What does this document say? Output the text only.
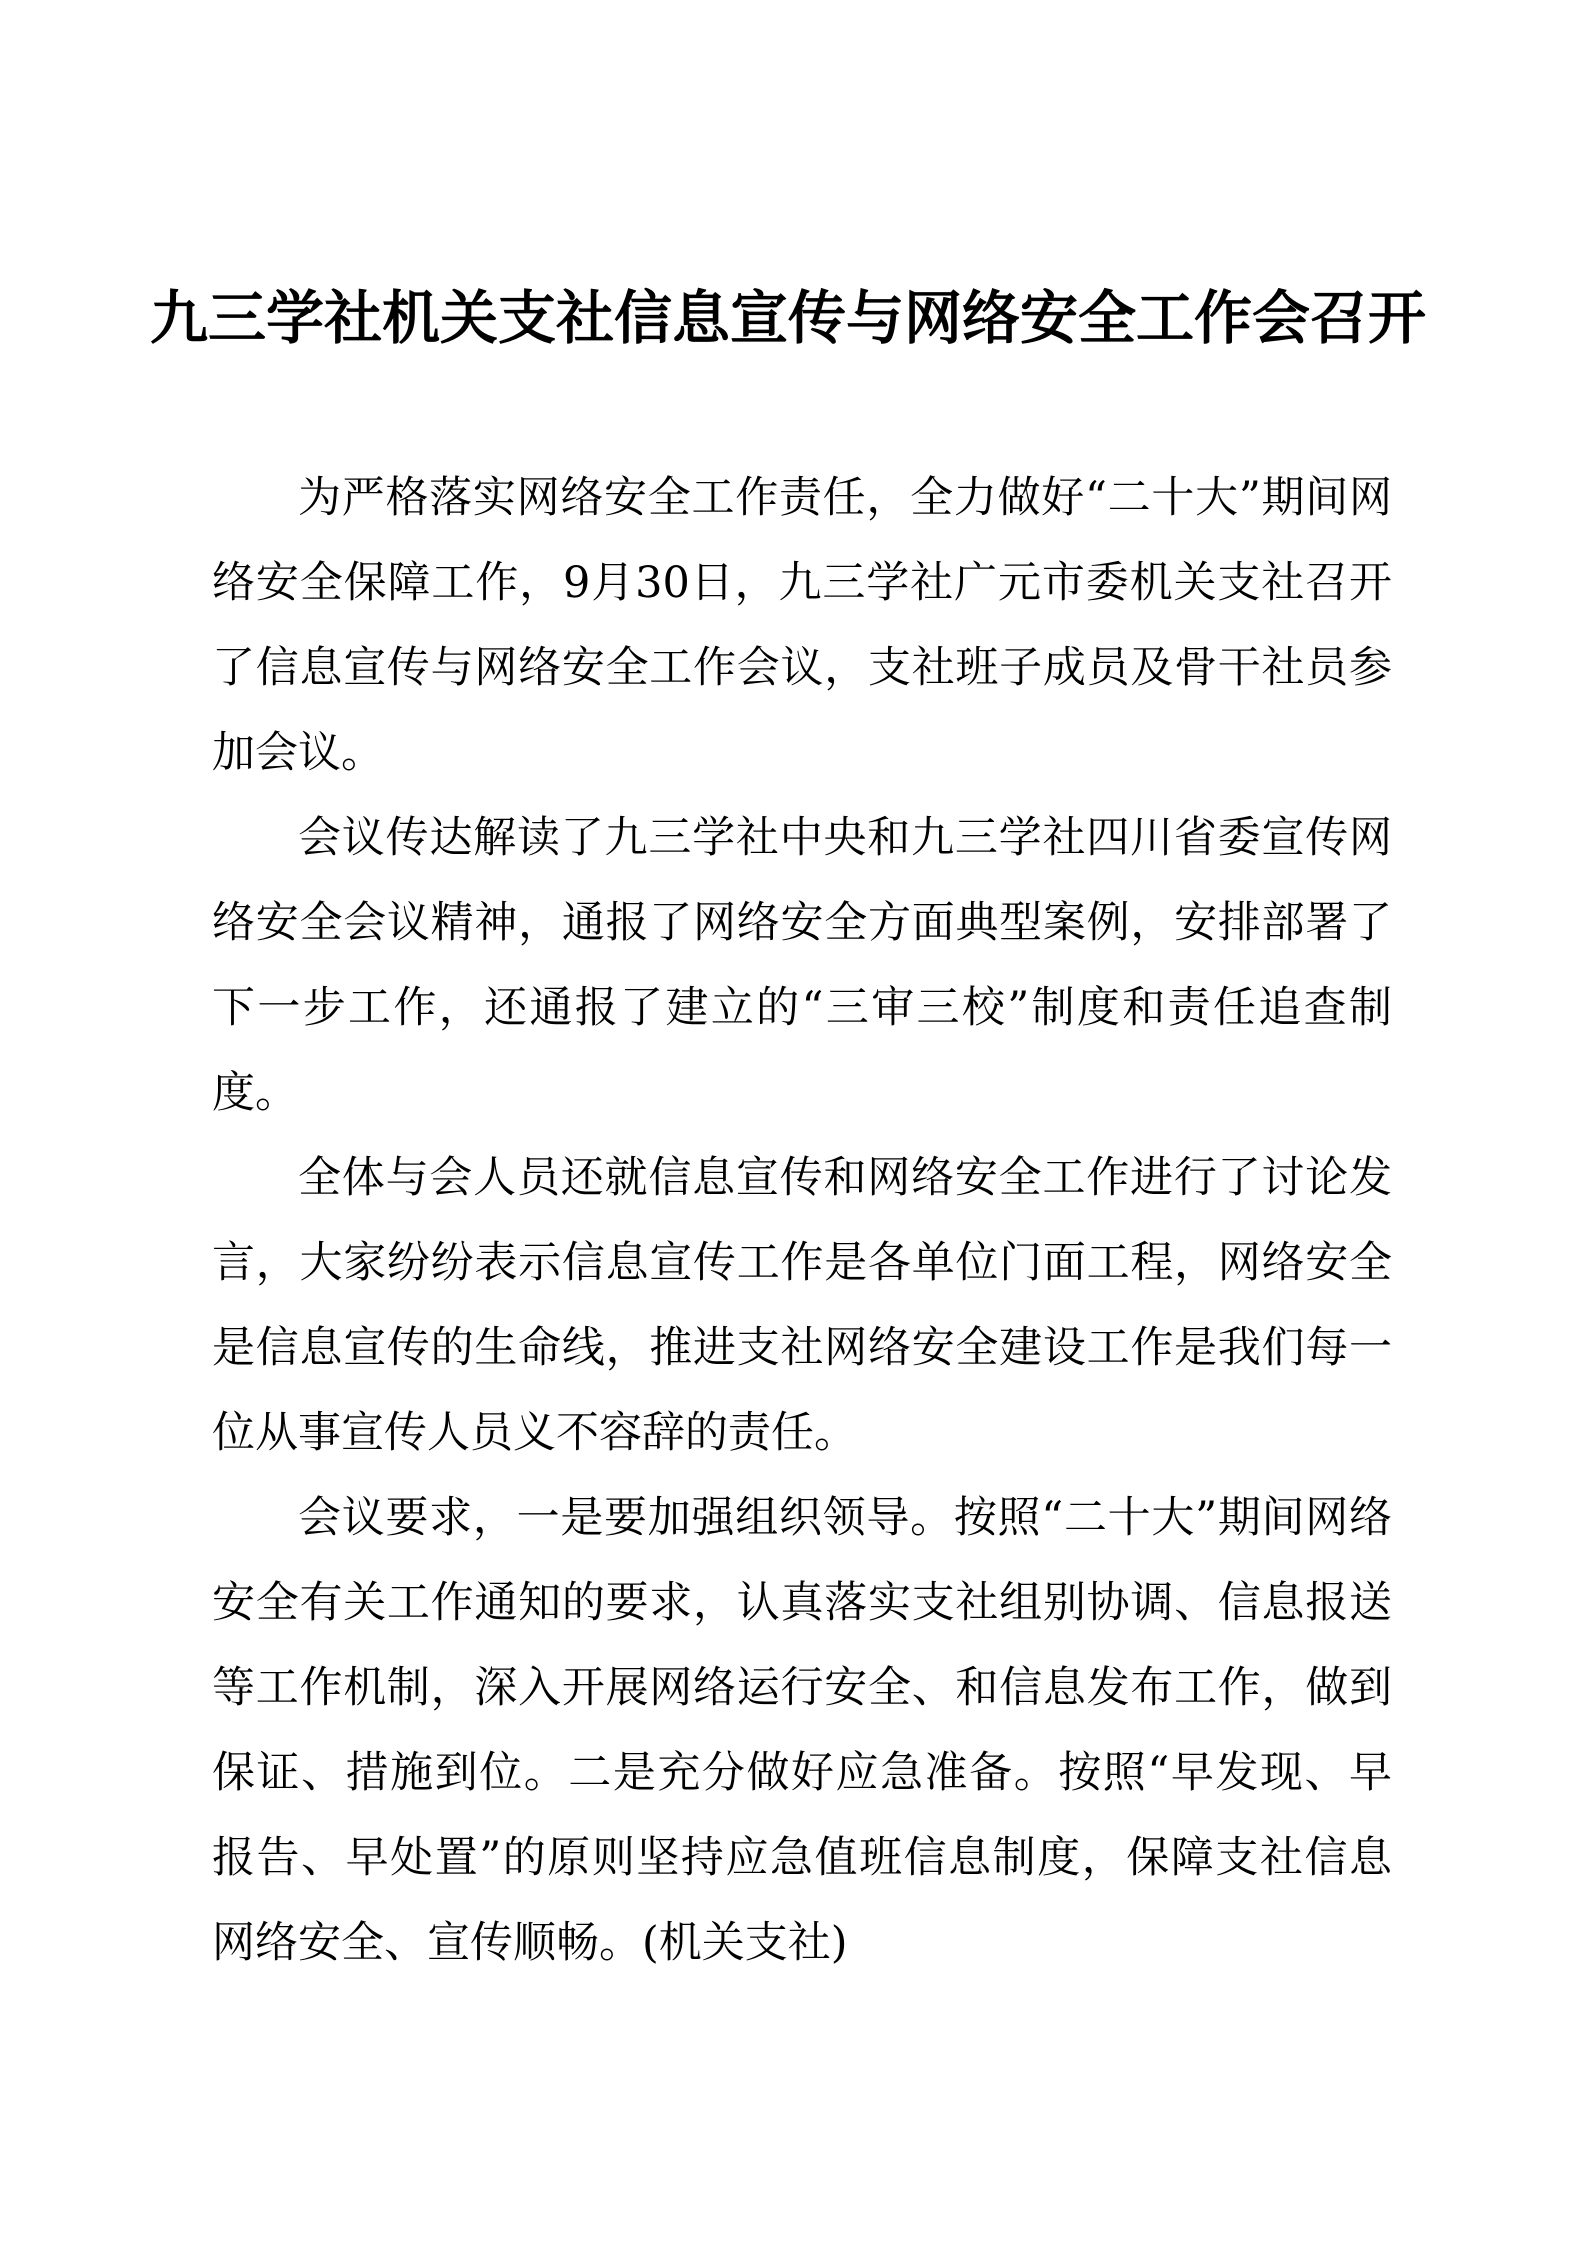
九三学社机关支社信息宣传与网络安全工作会召开

为严格落实网络安全工作责任，全力做好“二十大”期间网络安全保障工作，9月30日，九三学社广元市委机关支社召开了信息宣传与网络安全工作会议，支社班子成员及骨干社员参加会议。

会议传达解读了九三学社中央和九三学社四川省委宣传网络安全会议精神，通报了网络安全方面典型案例，安排部署了下一步工作，还通报了建立的“三审三校”制度和责任追查制度。

全体与会人员还就信息宣传和网络安全工作进行了讨论发言，大家纷纷表示信息宣传工作是各单位门面工程，网络安全是信息宣传的生命线，推进支社网络安全建设工作是我们每一位从事宣传人员义不容辞的责任。

会议要求，一是要加强组织领导。按照“二十大”期间网络安全有关工作通知的要求，认真落实支社组别协调、信息报送等工作机制，深入开展网络运行安全、和信息发布工作，做到保证、措施到位。二是充分做好应急准备。按照“早发现、早报告、早处置”的原则坚持应急值班信息制度，保障支社信息网络安全、宣传顺畅。(机关支社)
